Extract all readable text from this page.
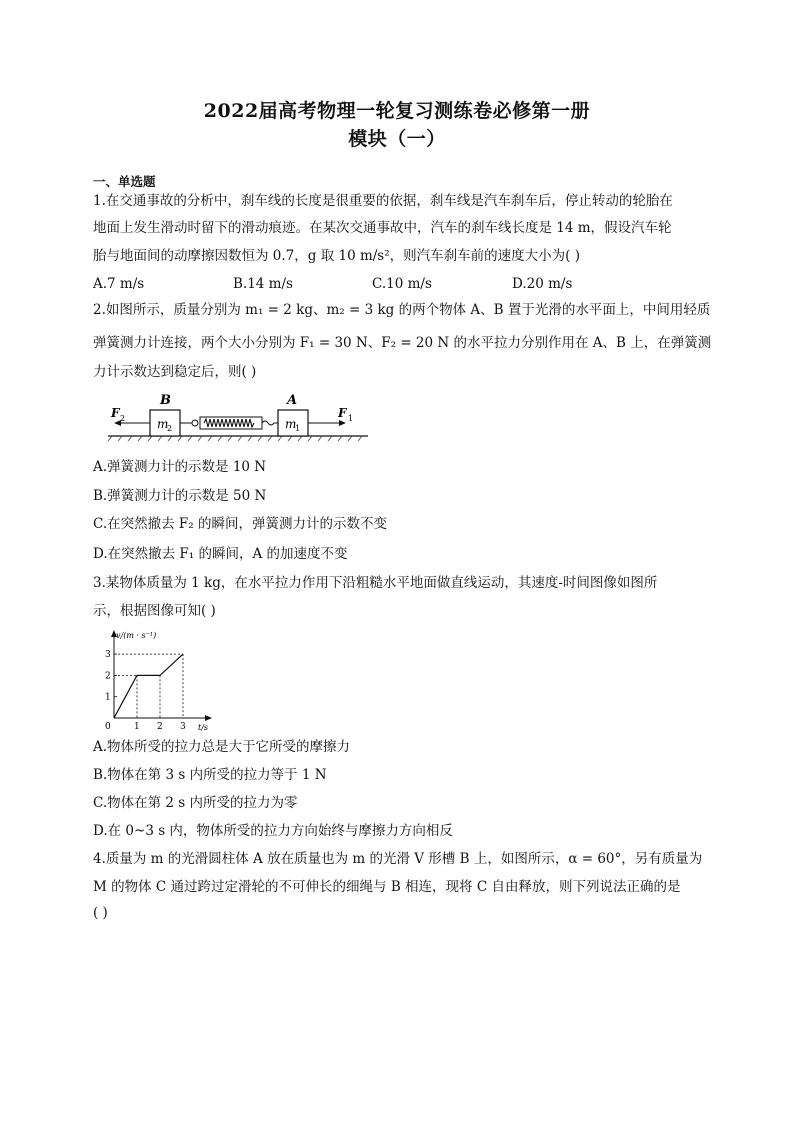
2022届高考物理一轮复习测练卷必修第一册
模块（一）
一、单选题
1.在交通事故的分析中，刹车线的长度是很重要的依据，刹车线是汽车刹车后，停止转动的轮胎在
地面上发生滑动时留下的滑动痕迹。在某次交通事故中，汽车的刹车线长度是 14 m，假设汽车轮
胎与地面间的动摩擦因数恒为 0.7，g 取 10 m/s²，则汽车刹车前的速度大小为( )
A.7 m/s	B.14 m/s	C.10 m/s	D.20 m/s
2.如图所示，质量分别为 m₁ = 2 kg、m₂ = 3 kg 的两个物体 A、B 置于光滑的水平面上，中间用轻质
弹簧测力计连接，两个大小分别为 F₁ = 30 N、F₂ = 20 N 的水平拉力分别作用在 A、B 上，在弹簧测
力计示数达到稳定后，则( )
B
m
2
A
m
1
F 2	F 1
A.弹簧测力计的示数是 10 N
B.弹簧测力计的示数是 50 N
C.在突然撤去 F₂ 的瞬间，弹簧测力计的示数不变
D.在突然撤去 F₁ 的瞬间，A 的加速度不变
3.某物体质量为 1 kg，在水平拉力作用下沿粗糙水平地面做直线运动，其速度-时间图像如图所
示，根据图像可知( )
v/(m · s⁻¹)
t/s
0	1 2 3
1
2
3
A.物体所受的拉力总是大于它所受的摩擦力
B.物体在第 3 s 内所受的拉力等于 1 N
C.物体在第 2 s 内所受的拉力为零
D.在 0~3 s 内，物体所受的拉力方向始终与摩擦力方向相反
4.质量为 m 的光滑圆柱体 A 放在质量也为 m 的光滑 V 形槽 B 上，如图所示，α = 60°，另有质量为
M 的物体 C 通过跨过定滑轮的不可伸长的细绳与 B 相连，现将 C 自由释放，则下列说法正确的是
( )
